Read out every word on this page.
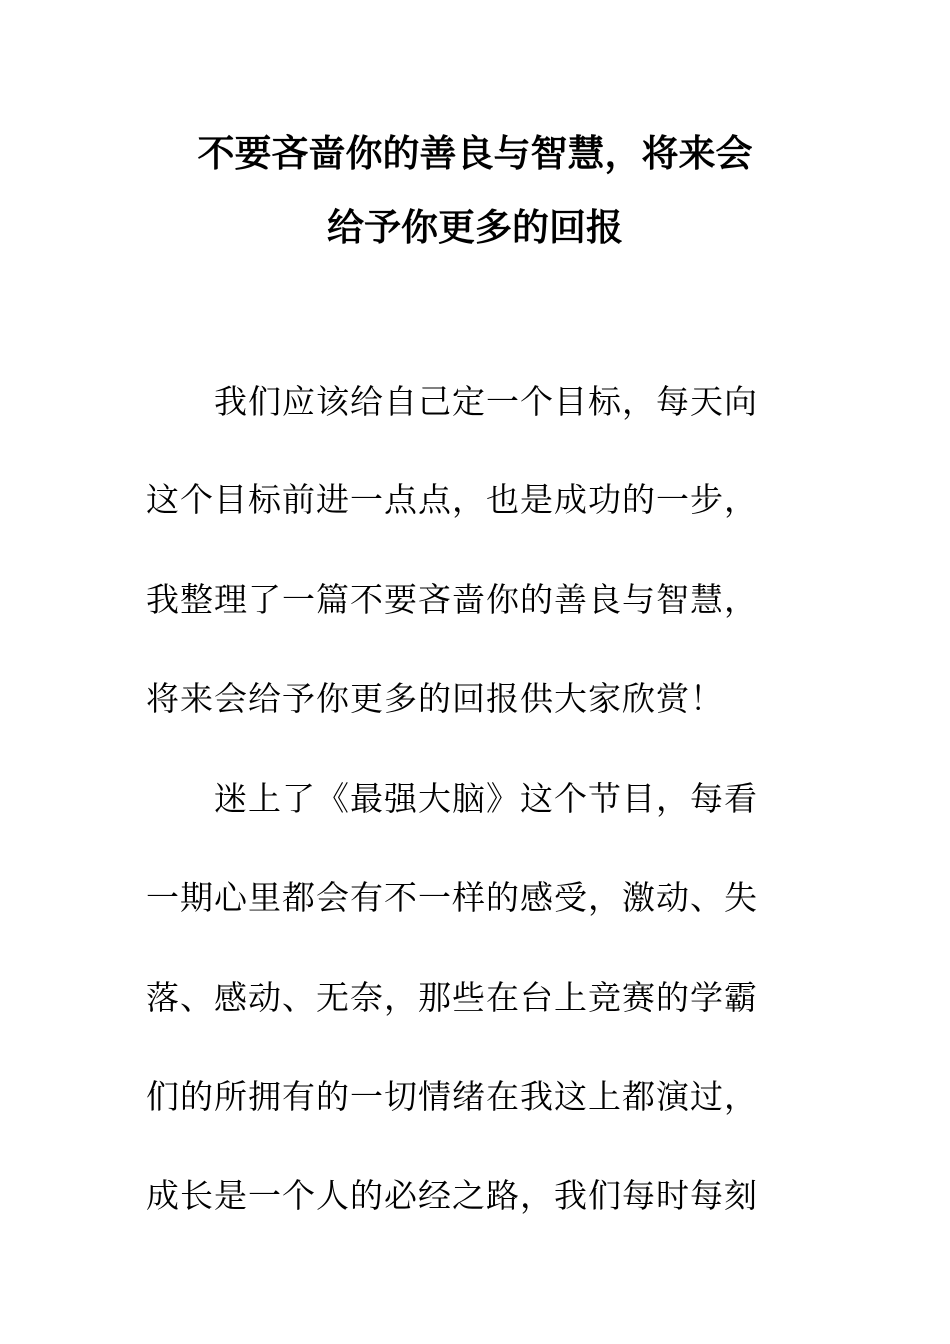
不要吝啬你的善良与智慧，将来会
给予你更多的回报
我们应该给自己定一个目标，每天向
这个目标前进一点点，也是成功的一步，
我整理了一篇不要吝啬你的善良与智慧，
将来会给予你更多的回报供大家欣赏！
迷上了《最强大脑》这个节目，每看
一期心里都会有不一样的感受，激动、失
落、感动、无奈，那些在台上竞赛的学霸
们的所拥有的一切情绪在我这上都演过，
成长是一个人的必经之路，我们每时每刻
